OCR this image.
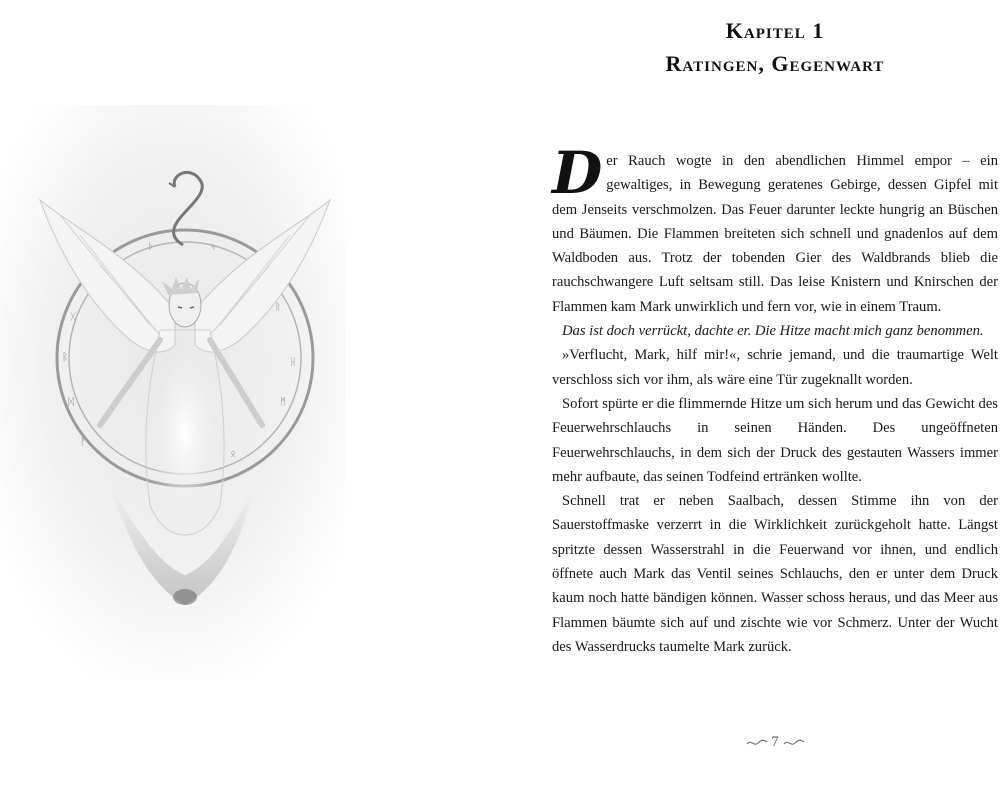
ᚦ	ᛃ
ᚱ
ᚺ
ᛗ
ᚷ
ᛒ
ᛞ
ᚨ
ᛟ
Kapitel 1
Ratingen, Gegenwart

Der Rauch wogte in den abendlichen Himmel empor – ein gewaltiges, in Bewegung geratenes Gebirge, dessen Gipfel mit dem Jenseits verschmolzen. Das Feuer darunter leckte hungrig an Büschen und Bäumen. Die Flammen breiteten sich schnell und gnadenlos auf dem Waldboden aus. Trotz der tobenden Gier des Waldbrands blieb die rauchschwangere Luft seltsam still. Das leise Knistern und Knirschen der Flammen kam Mark unwirklich und fern vor, wie in einem Traum.

Das ist doch verrückt, dachte er. Die Hitze macht mich ganz benommen.

»Verflucht, Mark, hilf mir!«, schrie jemand, und die traumartige Welt verschloss sich vor ihm, als wäre eine Tür zugeknallt worden.

Sofort spürte er die flimmernde Hitze um sich herum und das Gewicht des Feuerwehrschlauchs in seinen Händen. Des ungeöffneten Feuerwehrschlauchs, in dem sich der Druck des gestauten Wassers immer mehr aufbaute, das seinen Todfeind ertränken wollte.

Schnell trat er neben Saalbach, dessen Stimme ihn von der Sauerstoffmaske verzerrt in die Wirklichkeit zurückgeholt hatte. Längst spritzte dessen Wasserstrahl in die Feuerwand vor ihnen, und endlich öffnete auch Mark das Ventil seines Schlauchs, den er unter dem Druck kaum noch hatte bändigen können. Wasser schoss heraus, und das Meer aus Flammen bäumte sich auf und zischte wie vor Schmerz. Unter der Wucht des Wasserdrucks taumelte Mark zurück.

7
